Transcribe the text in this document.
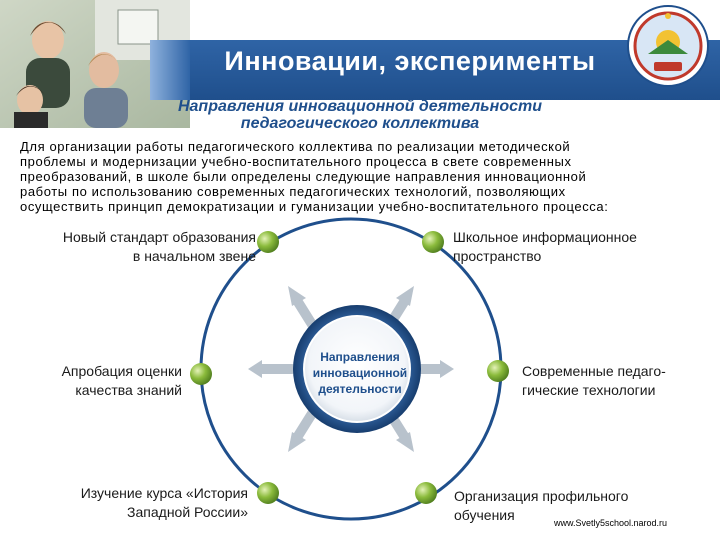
Инновации, эксперименты
Направления инновационной деятельности
педагогического коллектива
Для организации работы педагогического коллектива по реализации методической
проблемы и модернизации учебно-воспитательного процесса в свете современных
преобразований, в школе были определены следующие направления инновационной
работы по использованию современных педагогических технологий, позволяющих
осуществить принцип демократизации и гуманизации учебно-воспитательного процесса:
Направления
инновационной
деятельности
Новый стандарт образования
в начальном звене
Школьное информационное
пространство
Апробация оценки
качества знаний
Современные педаго-
гические технологии
Изучение курса «История
Западной России»
Организация профильного
обучения	www.Svetly5school.narod.ru
